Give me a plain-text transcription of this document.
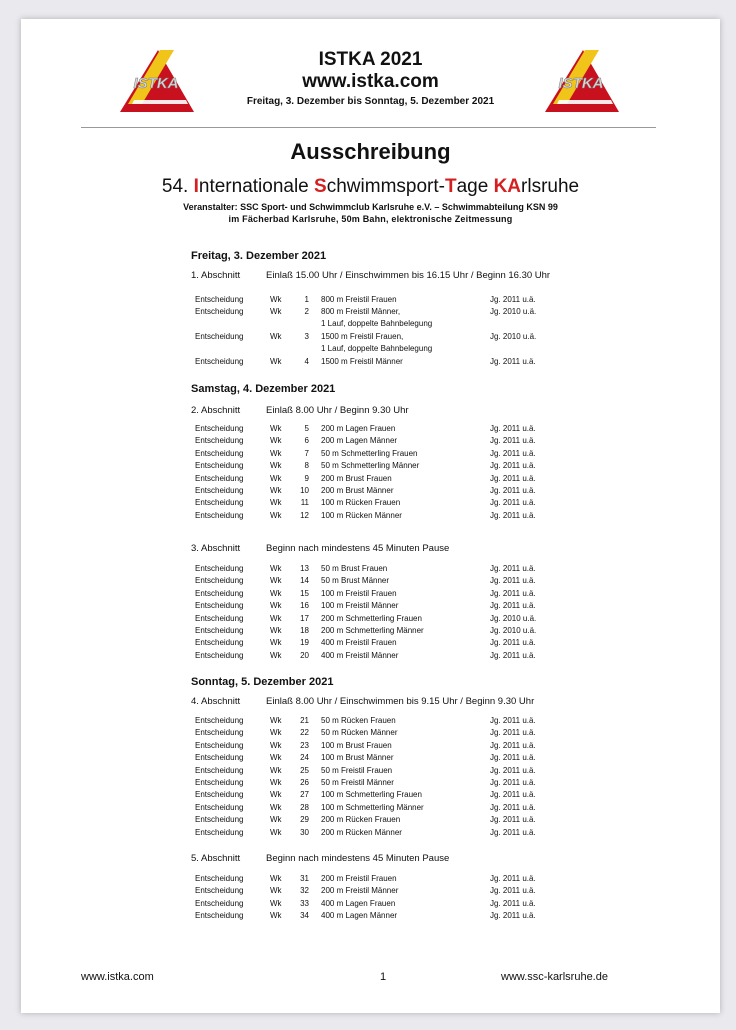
ISTKA	ISTKA
ISTKA 2021
www.istka.com
Freitag, 3. Dezember bis Sonntag, 5. Dezember 2021
Ausschreibung
54. Internationale Schwimmsport-Tage KArlsruhe
Veranstalter: SSC Sport- und Schwimmclub Karlsruhe e.V. – Schwimmabteilung KSN 99
im Fächerbad Karlsruhe, 50m Bahn, elektronische Zeitmessung
Freitag, 3. Dezember 2021
1. Abschnitt	Einlaß 15.00 Uhr / Einschwimmen bis 16.15 Uhr / Beginn 16.30 Uhr
Entscheidung	Wk	1 800 m Freistil Frauen	Jg. 2011 u.ä.
Entscheidung	Wk	2 800 m Freistil Männer,	Jg. 2010 u.ä.
1 Lauf, doppelte Bahnbelegung
Entscheidung	Wk	3 1500 m Freistil Frauen,	Jg. 2010 u.ä.
1 Lauf, doppelte Bahnbelegung
Entscheidung	Wk	4 1500 m Freistil Männer	Jg. 2011 u.ä.
Samstag, 4. Dezember 2021
2. Abschnitt	Einlaß 8.00 Uhr / Beginn 9.30 Uhr
Entscheidung	Wk	5 200 m Lagen Frauen	Jg. 2011 u.ä.
Entscheidung	Wk	6 200 m Lagen Männer	Jg. 2011 u.ä.
Entscheidung	Wk	7 50 m Schmetterling Frauen	Jg. 2011 u.ä.
Entscheidung	Wk	8 50 m Schmetterling Männer	Jg. 2011 u.ä.
Entscheidung	Wk	9 200 m Brust Frauen	Jg. 2011 u.ä.
Entscheidung	Wk	10 200 m Brust Männer	Jg. 2011 u.ä.
Entscheidung	Wk	11 100 m Rücken Frauen	Jg. 2011 u.ä.
Entscheidung	Wk	12 100 m Rücken Männer	Jg. 2011 u.ä.
3. Abschnitt	Beginn nach mindestens 45 Minuten Pause
Entscheidung	Wk	13 50 m Brust Frauen	Jg. 2011 u.ä.
Entscheidung	Wk	14 50 m Brust Männer	Jg. 2011 u.ä.
Entscheidung	Wk	15 100 m Freistil Frauen	Jg. 2011 u.ä.
Entscheidung	Wk	16 100 m Freistil Männer	Jg. 2011 u.ä.
Entscheidung	Wk	17 200 m Schmetterling Frauen	Jg. 2010 u.ä.
Entscheidung	Wk	18 200 m Schmetterling Männer	Jg. 2010 u.ä.
Entscheidung	Wk	19 400 m Freistil Frauen	Jg. 2011 u.ä.
Entscheidung	Wk	20 400 m Freistil Männer	Jg. 2011 u.ä.
Sonntag, 5. Dezember 2021
4. Abschnitt	Einlaß 8.00 Uhr / Einschwimmen bis 9.15 Uhr / Beginn 9.30 Uhr
Entscheidung	Wk	21 50 m Rücken Frauen	Jg. 2011 u.ä.
Entscheidung	Wk	22 50 m Rücken Männer	Jg. 2011 u.ä.
Entscheidung	Wk	23 100 m Brust Frauen	Jg. 2011 u.ä.
Entscheidung	Wk	24 100 m Brust Männer	Jg. 2011 u.ä.
Entscheidung	Wk	25 50 m Freistil Frauen	Jg. 2011 u.ä.
Entscheidung	Wk	26 50 m Freistil Männer	Jg. 2011 u.ä.
Entscheidung	Wk	27 100 m Schmetterling Frauen	Jg. 2011 u.ä.
Entscheidung	Wk	28 100 m Schmetterling Männer	Jg. 2011 u.ä.
Entscheidung	Wk	29 200 m Rücken Frauen	Jg. 2011 u.ä.
Entscheidung	Wk	30 200 m Rücken Männer	Jg. 2011 u.ä.
5. Abschnitt	Beginn nach mindestens 45 Minuten Pause
Entscheidung	Wk	31 200 m Freistil Frauen	Jg. 2011 u.ä.
Entscheidung	Wk	32 200 m Freistil Männer	Jg. 2011 u.ä.
Entscheidung	Wk	33 400 m Lagen Frauen	Jg. 2011 u.ä.
Entscheidung	Wk	34 400 m Lagen Männer	Jg. 2011 u.ä.
www.istka.com	1	www.ssc-karlsruhe.de
